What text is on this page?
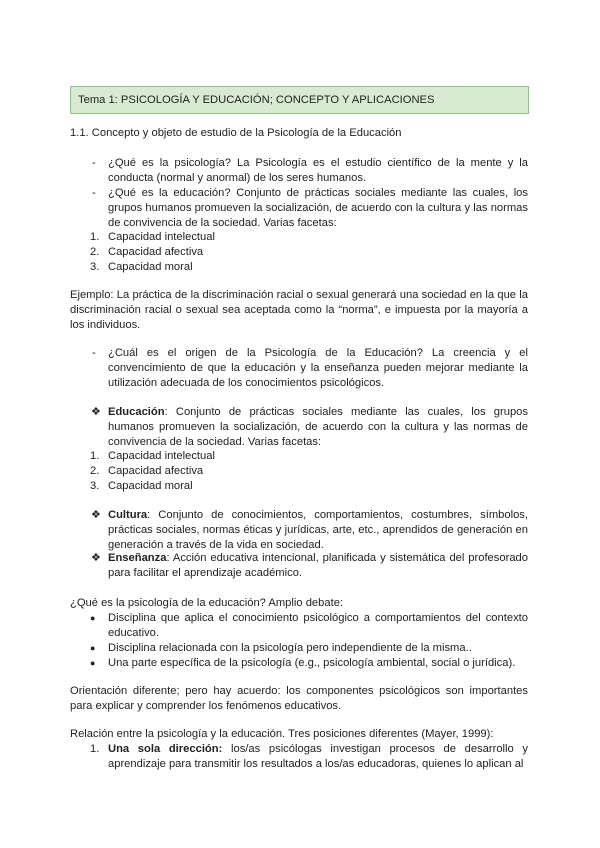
Tema 1: PSICOLOGÍA Y EDUCACIÓN; CONCEPTO Y APLICACIONES
1.1. Concepto y objeto de estudio de la Psicología de la Educación
- ¿Qué es la psicología? La Psicología es el estudio científico de la mente y la conducta (normal y anormal) de los seres humanos.
- ¿Qué es la educación? Conjunto de prácticas sociales mediante las cuales, los grupos humanos promueven la socialización, de acuerdo con la cultura y las normas de convivencia de la sociedad. Varias facetas:
1. Capacidad intelectual
2. Capacidad afectiva
3. Capacidad moral
Ejemplo: La práctica de la discriminación racial o sexual generará una sociedad en la que la discriminación racial o sexual sea aceptada como la “norma”, e impuesta por la mayoría a los individuos.
- ¿Cuál es el origen de la Psicología de la Educación? La creencia y el convencimiento de que la educación y la enseñanza pueden mejorar mediante la utilización adecuada de los conocimientos psicológicos.
❖ Educación: Conjunto de prácticas sociales mediante las cuales, los grupos humanos promueven la socialización, de acuerdo con la cultura y las normas de convivencia de la sociedad. Varias facetas:
1. Capacidad intelectual
2. Capacidad afectiva
3. Capacidad moral
❖ Cultura: Conjunto de conocimientos, comportamientos, costumbres, símbolos, prácticas sociales, normas éticas y jurídicas, arte, etc., aprendidos de generación en generación a través de la vida en sociedad.
❖ Enseñanza: Acción educativa intencional, planificada y sistemática del profesorado para facilitar el aprendizaje académico.
¿Qué es la psicología de la educación? Amplio debate:
● Disciplina que aplica el conocimiento psicológico a comportamientos del contexto educativo.
● Disciplina relacionada con la psicología pero independiente de la misma..
● Una parte específica de la psicología (e.g., psicología ambiental, social o jurídica).
Orientación diferente; pero hay acuerdo: los componentes psicológicos son importantes para explicar y comprender los fenómenos educativos.
Relación entre la psicología y la educación. Tres posiciones diferentes (Mayer, 1999):
1. Una sola dirección: los/as psicólogas investigan procesos de desarrollo y aprendizaje para transmitir los resultados a los/as educadoras, quienes lo aplican al
